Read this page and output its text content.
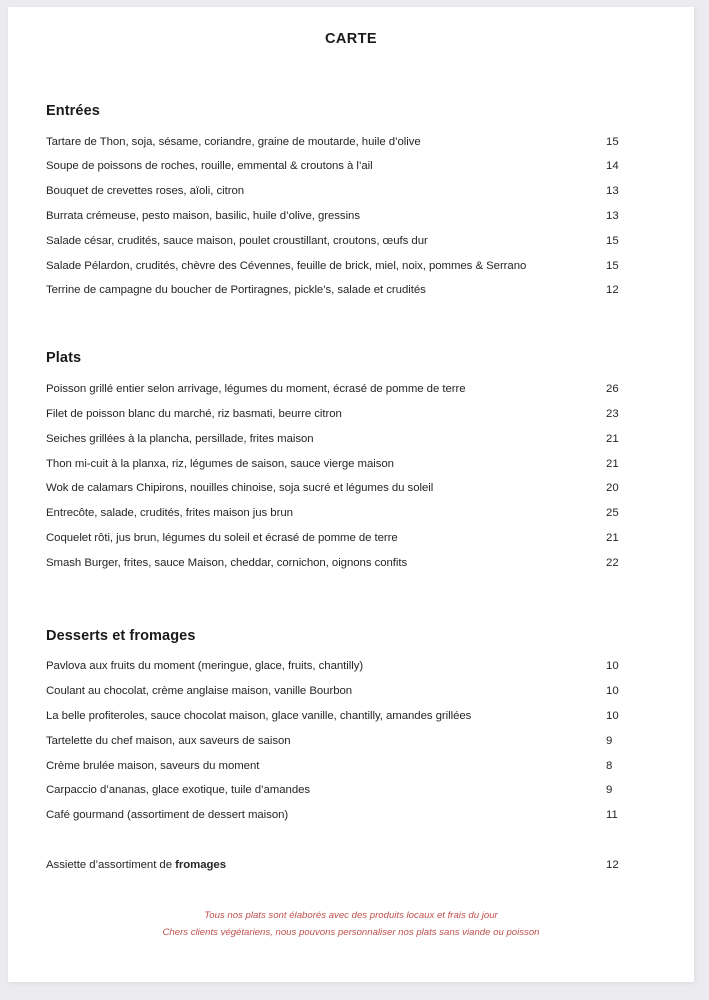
CARTE
Entrées
Tartare de Thon, soja, sésame, coriandre, graine de moutarde, huile d’olive	15
Soupe de poissons de roches, rouille, emmental & croutons à l’ail	14
Bouquet de crevettes roses, aïoli, citron	13
Burrata crémeuse, pesto maison, basilic, huile d’olive, gressins	13
Salade césar, crudités, sauce maison, poulet croustillant, croutons, œufs dur	15
Salade Pélardon, crudités, chèvre des Cévennes, feuille de brick, miel, noix, pommes & Serrano	15
Terrine de campagne du boucher de Portiragnes, pickle’s, salade et crudités	12
Plats
Poisson grillé entier selon arrivage, légumes du moment, écrasé de pomme de terre	26
Filet de poisson blanc du marché, riz basmati, beurre citron	23
Seiches grillées à la plancha, persillade, frites maison	21
Thon mi-cuit à la planxa, riz, légumes de saison, sauce vierge maison	21
Wok de calamars Chipirons, nouilles chinoise, soja sucré et légumes du soleil	20
Entrecôte, salade, crudités, frites maison jus brun	25
Coquelet rôti, jus brun, légumes du soleil et écrasé de pomme de terre	21
Smash Burger, frites, sauce Maison, cheddar, cornichon, oignons confits	22
Desserts et fromages
Pavlova aux fruits du moment (meringue, glace, fruits, chantilly)	10
Coulant au chocolat, crème anglaise maison, vanille Bourbon	10
La belle profiteroles, sauce chocolat maison, glace vanille, chantilly, amandes grillées	10
Tartelette du chef maison, aux saveurs de saison	9
Crème brulée maison, saveurs du moment	8
Carpaccio d’ananas, glace exotique, tuile d’amandes	9
Café gourmand (assortiment de dessert maison)	11
Assiette d’assortiment de fromages	12
Tous nos plats sont élaborés avec des produits locaux et frais du jour
Chers clients végétariens, nous pouvons personnaliser nos plats sans viande ou poisson
